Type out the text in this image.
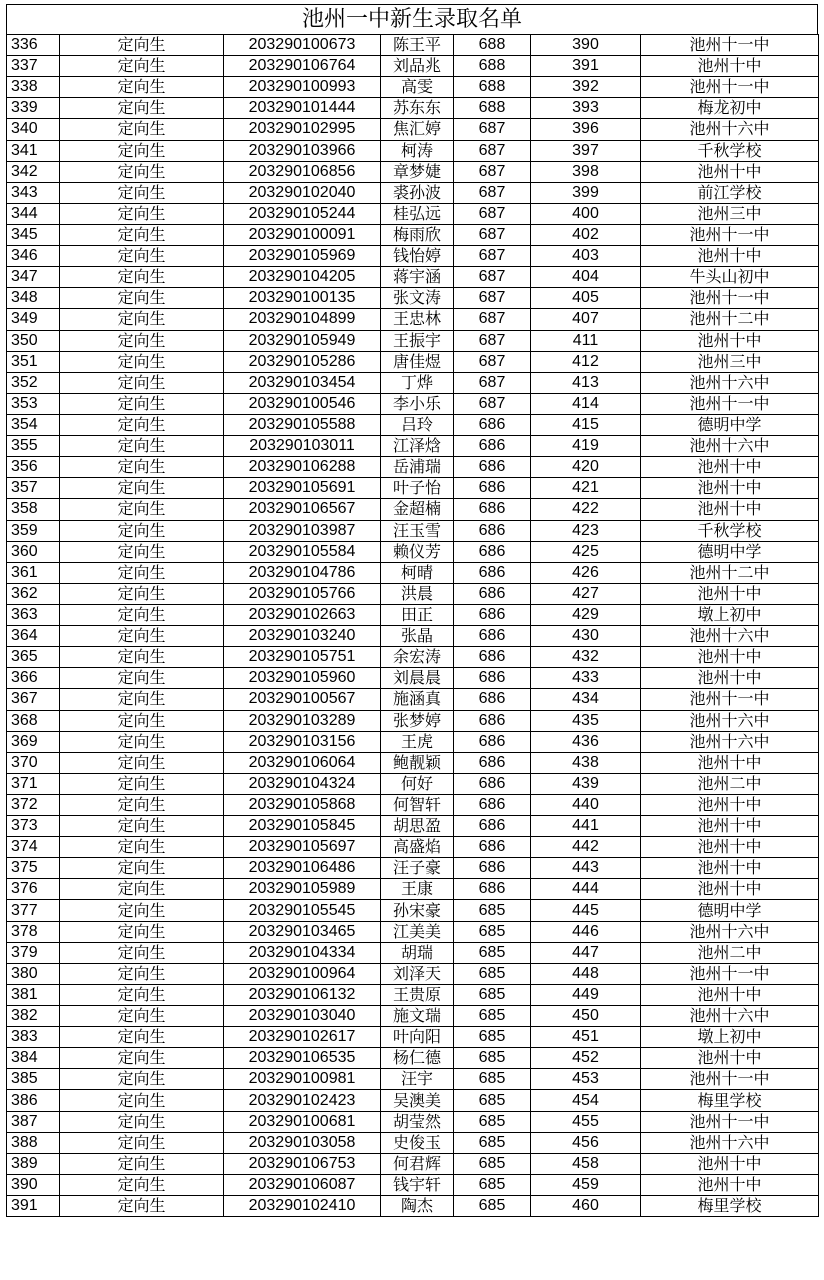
池州一中新生录取名单
336	定向生	203290100673	陈王平	688	390	池州十一中
337	定向生	203290106764	刘品兆	688	391	池州十中
338	定向生	203290100993	高雯	688	392	池州十一中
339	定向生	203290101444	苏东东	688	393	梅龙初中
340	定向生	203290102995	焦汇婷	687	396	池州十六中
341	定向生	203290103966	柯涛	687	397	千秋学校
342	定向生	203290106856	章梦婕	687	398	池州十中
343	定向生	203290102040	裘孙波	687	399	前江学校
344	定向生	203290105244	桂弘远	687	400	池州三中
345	定向生	203290100091	梅雨欣	687	402	池州十一中
346	定向生	203290105969	钱怡婷	687	403	池州十中
347	定向生	203290104205	蒋宇涵	687	404	牛头山初中
348	定向生	203290100135	张文涛	687	405	池州十一中
349	定向生	203290104899	王忠林	687	407	池州十二中
350	定向生	203290105949	王振宇	687	411	池州十中
351	定向生	203290105286	唐佳煜	687	412	池州三中
352	定向生	203290103454	丁烨	687	413	池州十六中
353	定向生	203290100546	李小乐	687	414	池州十一中
354	定向生	203290105588	吕玲	686	415	德明中学
355	定向生	203290103011	江泽焓	686	419	池州十六中
356	定向生	203290106288	岳浦瑞	686	420	池州十中
357	定向生	203290105691	叶子怡	686	421	池州十中
358	定向生	203290106567	金超楠	686	422	池州十中
359	定向生	203290103987	汪玉雪	686	423	千秋学校
360	定向生	203290105584	赖仪芳	686	425	德明中学
361	定向生	203290104786	柯晴	686	426	池州十二中
362	定向生	203290105766	洪晨	686	427	池州十中
363	定向生	203290102663	田正	686	429	墩上初中
364	定向生	203290103240	张晶	686	430	池州十六中
365	定向生	203290105751	余宏涛	686	432	池州十中
366	定向生	203290105960	刘晨晨	686	433	池州十中
367	定向生	203290100567	施涵真	686	434	池州十一中
368	定向生	203290103289	张梦婷	686	435	池州十六中
369	定向生	203290103156	王虎	686	436	池州十六中
370	定向生	203290106064	鲍靓颖	686	438	池州十中
371	定向生	203290104324	何好	686	439	池州二中
372	定向生	203290105868	何智轩	686	440	池州十中
373	定向生	203290105845	胡思盈	686	441	池州十中
374	定向生	203290105697	高盛焰	686	442	池州十中
375	定向生	203290106486	汪子豪	686	443	池州十中
376	定向生	203290105989	王康	686	444	池州十中
377	定向生	203290105545	孙宋豪	685	445	德明中学
378	定向生	203290103465	江美美	685	446	池州十六中
379	定向生	203290104334	胡瑞	685	447	池州二中
380	定向生	203290100964	刘泽天	685	448	池州十一中
381	定向生	203290106132	王贵原	685	449	池州十中
382	定向生	203290103040	施文瑞	685	450	池州十六中
383	定向生	203290102617	叶向阳	685	451	墩上初中
384	定向生	203290106535	杨仁德	685	452	池州十中
385	定向生	203290100981	汪宇	685	453	池州十一中
386	定向生	203290102423	吴澳美	685	454	梅里学校
387	定向生	203290100681	胡莹然	685	455	池州十一中
388	定向生	203290103058	史俊玉	685	456	池州十六中
389	定向生	203290106753	何君辉	685	458	池州十中
390	定向生	203290106087	钱宇轩	685	459	池州十中
391	定向生	203290102410	陶杰	685	460	梅里学校
